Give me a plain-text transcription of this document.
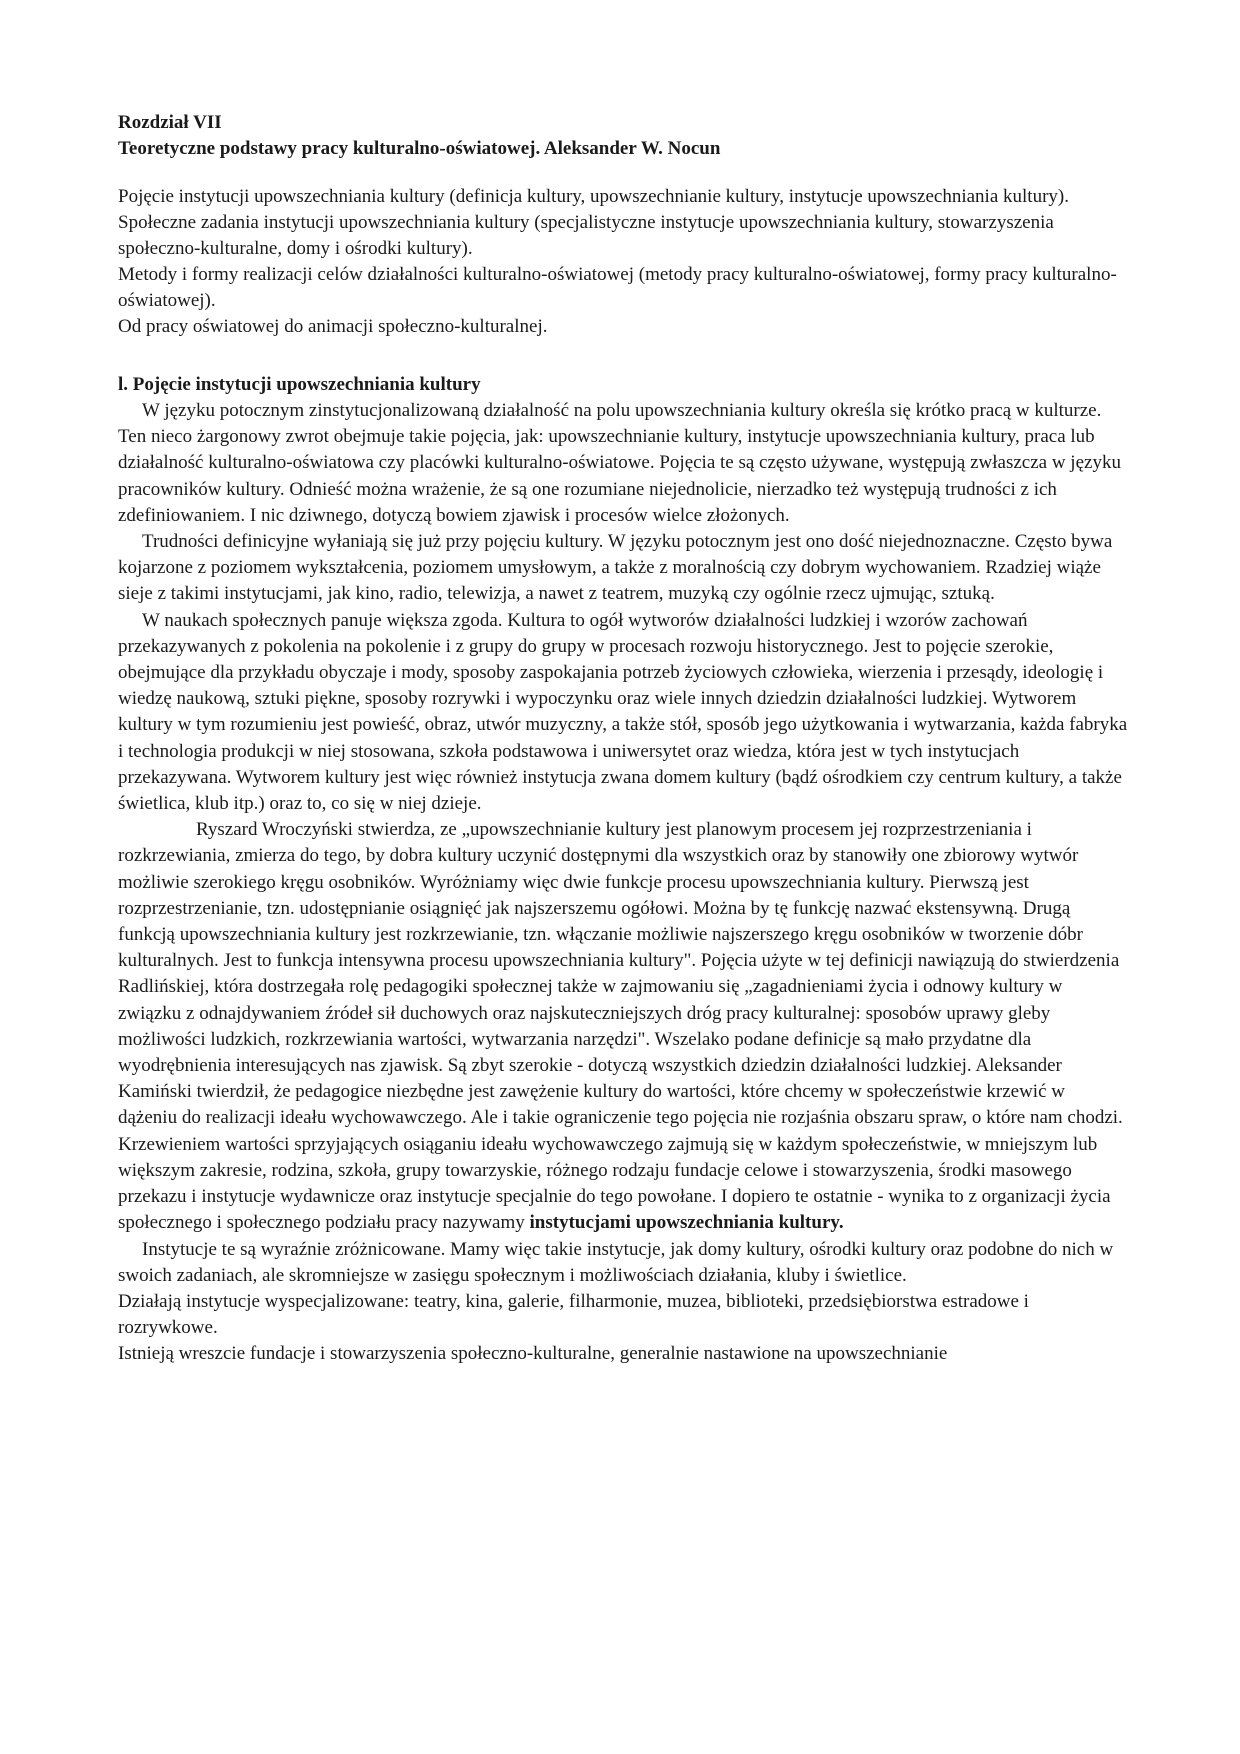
Rozdział VII

Teoretyczne podstawy pracy kulturalno-oświatowej. Aleksander W. Nocun

Pojęcie instytucji upowszechniania kultury (definicja kultury, upowszechnianie kultury, instytucje upowszechniania kultury).

Społeczne zadania instytucji upowszechniania kultury (specjalistyczne instytucje upowszechniania kultury, stowarzyszenia społeczno-kulturalne, domy i ośrodki kultury).

Metody i formy realizacji celów działalności kulturalno-oświatowej (metody pracy kulturalno-oświatowej, formy pracy kulturalno-oświatowej).

Od pracy oświatowej do animacji społeczno-kulturalnej.

l. Pojęcie instytucji upowszechniania kultury

W języku potocznym zinstytucjonalizowaną działalność na polu upowszechniania kultury określa się krótko pracą w kulturze. Ten nieco żargonowy zwrot obejmuje takie pojęcia, jak: upowszechnianie kultury, instytucje upowszechniania kultury, praca lub działalność kulturalno-oświatowa czy placówki kulturalno-oświatowe. Pojęcia te są często używane, występują zwłaszcza w języku pracowników kultury. Odnieść można wrażenie, że są one rozumiane niejednolicie, nierzadko też występują trudności z ich zdefiniowaniem. I nic dziwnego, dotyczą bowiem zjawisk i procesów wielce złożonych.

Trudności definicyjne wyłaniają się już przy pojęciu kultury. W języku potocznym jest ono dość niejednoznaczne. Często bywa kojarzone z poziomem wykształcenia, poziomem umysłowym, a także z moralnością czy dobrym wychowaniem. Rzadziej wiąże sieje z takimi instytucjami, jak kino, radio, telewizja, a nawet z teatrem, muzyką czy ogólnie rzecz ujmując, sztuką.

W naukach społecznych panuje większa zgoda. Kultura to ogół wytworów działalności ludzkiej i wzorów zachowań przekazywanych z pokolenia na pokolenie i z grupy do grupy w procesach rozwoju historycznego. Jest to pojęcie szerokie, obejmujące dla przykładu obyczaje i mody, sposoby zaspokajania potrzeb życiowych człowieka, wierzenia i przesądy, ideologię i wiedzę naukową, sztuki piękne, sposoby rozrywki i wypoczynku oraz wiele innych dziedzin działalności ludzkiej. Wytworem kultury w tym rozumieniu jest powieść, obraz, utwór muzyczny, a także stół, sposób jego użytkowania i wytwarzania, każda fabryka i technologia produkcji w niej stosowana, szkoła podstawowa i uniwersytet oraz wiedza, która jest w tych instytucjach przekazywana. Wytworem kultury jest więc również instytucja zwana domem kultury (bądź ośrodkiem czy centrum kultury, a także świetlica, klub itp.) oraz to, co się w niej dzieje.

Ryszard Wroczyński stwierdza, ze „upowszechnianie kultury jest planowym procesem jej rozprzestrzeniania i rozkrzewiania, zmierza do tego, by dobra kultury uczynić dostępnymi dla wszystkich oraz by stanowiły one zbiorowy wytwór możliwie szerokiego kręgu osobników. Wyróżniamy więc dwie funkcje procesu upowszechniania kultury. Pierwszą jest rozprzestrzenianie, tzn. udostępnianie osiągnięć jak najszerszemu ogółowi. Można by tę funkcję nazwać ekstensywną. Drugą funkcją upowszechniania kultury jest rozkrzewianie, tzn. włączanie możliwie najszerszego kręgu osobników w tworzenie dóbr kulturalnych. Jest to funkcja intensywna procesu upowszechniania kultury". Pojęcia użyte w tej definicji nawiązują do stwierdzenia Radlińskiej, która dostrzegała rolę pedagogiki społecznej także w zajmowaniu się „zagadnieniami życia i odnowy kultury w związku z odnajdywaniem źródeł sił duchowych oraz najskuteczniejszych dróg pracy kulturalnej: sposobów uprawy gleby możliwości ludzkich, rozkrzewiania wartości, wytwarzania narzędzi". Wszelako podane definicje są mało przydatne dla wyodrębnienia interesujących nas zjawisk. Są zbyt szerokie - dotyczą wszystkich dziedzin działalności ludzkiej. Aleksander Kamiński twierdził, że pedagogice niezbędne jest zawężenie kultury do wartości, które chcemy w społeczeństwie krzewić w dążeniu do realizacji ideału wychowawczego. Ale i takie ograniczenie tego pojęcia nie rozjaśnia obszaru spraw, o które nam chodzi. Krzewieniem wartości sprzyjających osiąganiu ideału wychowawczego zajmują się w każdym społeczeństwie, w mniejszym lub większym zakresie, rodzina, szkoła, grupy towarzyskie, różnego rodzaju fundacje celowe i stowarzyszenia, środki masowego przekazu i instytucje wydawnicze oraz instytucje specjalnie do tego powołane. I dopiero te ostatnie - wynika to z organizacji życia społecznego i społecznego podziału pracy nazywamy instytucjami upowszechniania kultury.

Instytucje te są wyraźnie zróżnicowane. Mamy więc takie instytucje, jak domy kultury, ośrodki kultury oraz podobne do nich w swoich zadaniach, ale skromniejsze w zasięgu społecznym i możliwościach działania, kluby i świetlice.

Działają instytucje wyspecjalizowane: teatry, kina, galerie, filharmonie, muzea, biblioteki, przedsiębiorstwa estradowe i rozrywkowe.

Istnieją wreszcie fundacje i stowarzyszenia społeczno-kulturalne, generalnie nastawione na upowszechnianie
